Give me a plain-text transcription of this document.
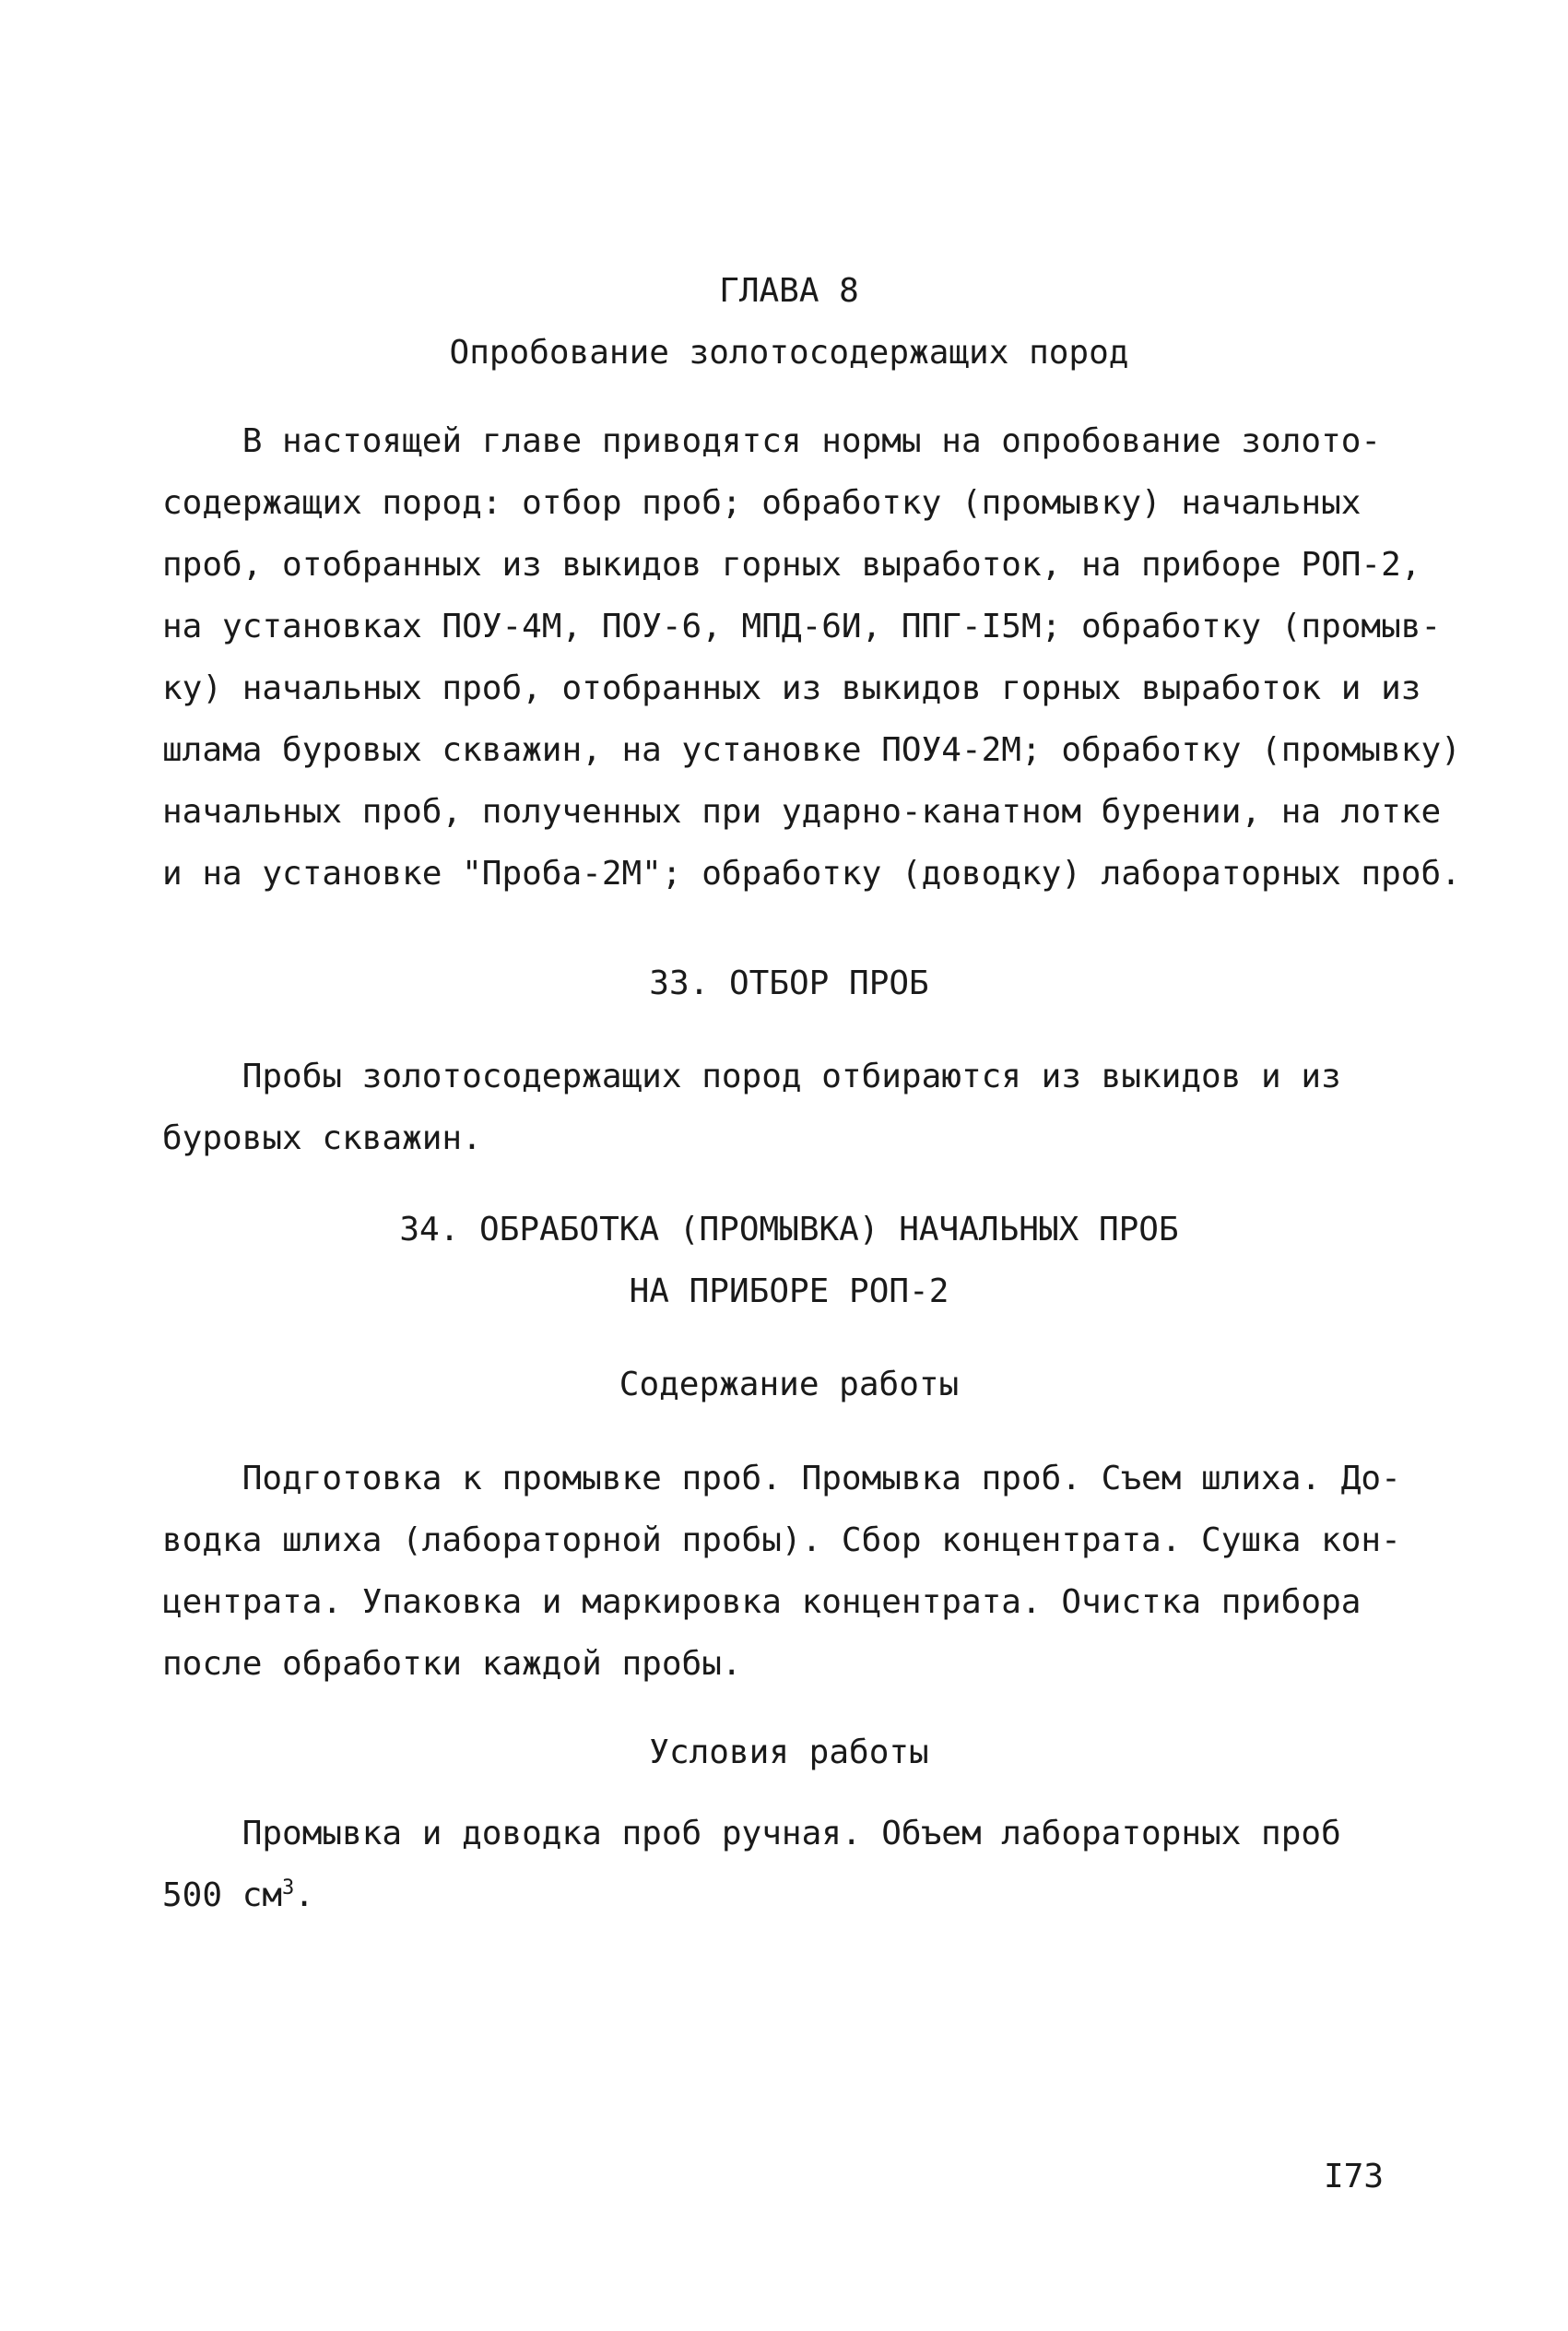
ГЛАВА 8
Опробование золотосодержащих пород
В настоящей главе приводятся нормы на опробование золото-
содержащих пород: отбор проб; обработку (промывку) начальных
проб, отобранных из выкидов горных выработок, на приборе РОП-2,
на установках ПОУ-4М, ПОУ-6, МПД-6И, ППГ-I5М; обработку (промыв-
ку) начальных проб, отобранных из выкидов горных выработок и из
шлама буровых скважин, на установке ПОУ4-2М; обработку (промывку)
начальных проб, полученных при ударно-канатном бурении, на лотке
и на установке "Проба-2М"; обработку (доводку) лабораторных проб.
33. ОТБОР ПРОБ
Пробы золотосодержащих пород отбираются из выкидов и из
буровых скважин.
34. ОБРАБОТКА (ПРОМЫВКА) НАЧАЛЬНЫХ ПРОБ
НА ПРИБОРЕ РОП-2
Содержание работы
Подготовка к промывке проб. Промывка проб. Съем шлиха. До-
водка шлиха (лабораторной пробы). Сбор концентрата. Сушка кон-
центрата. Упаковка и маркировка концентрата. Очистка прибора
после обработки каждой пробы.
Условия работы
Промывка и доводка проб ручная. Объем лабораторных проб
500 $см^3$.
I73
